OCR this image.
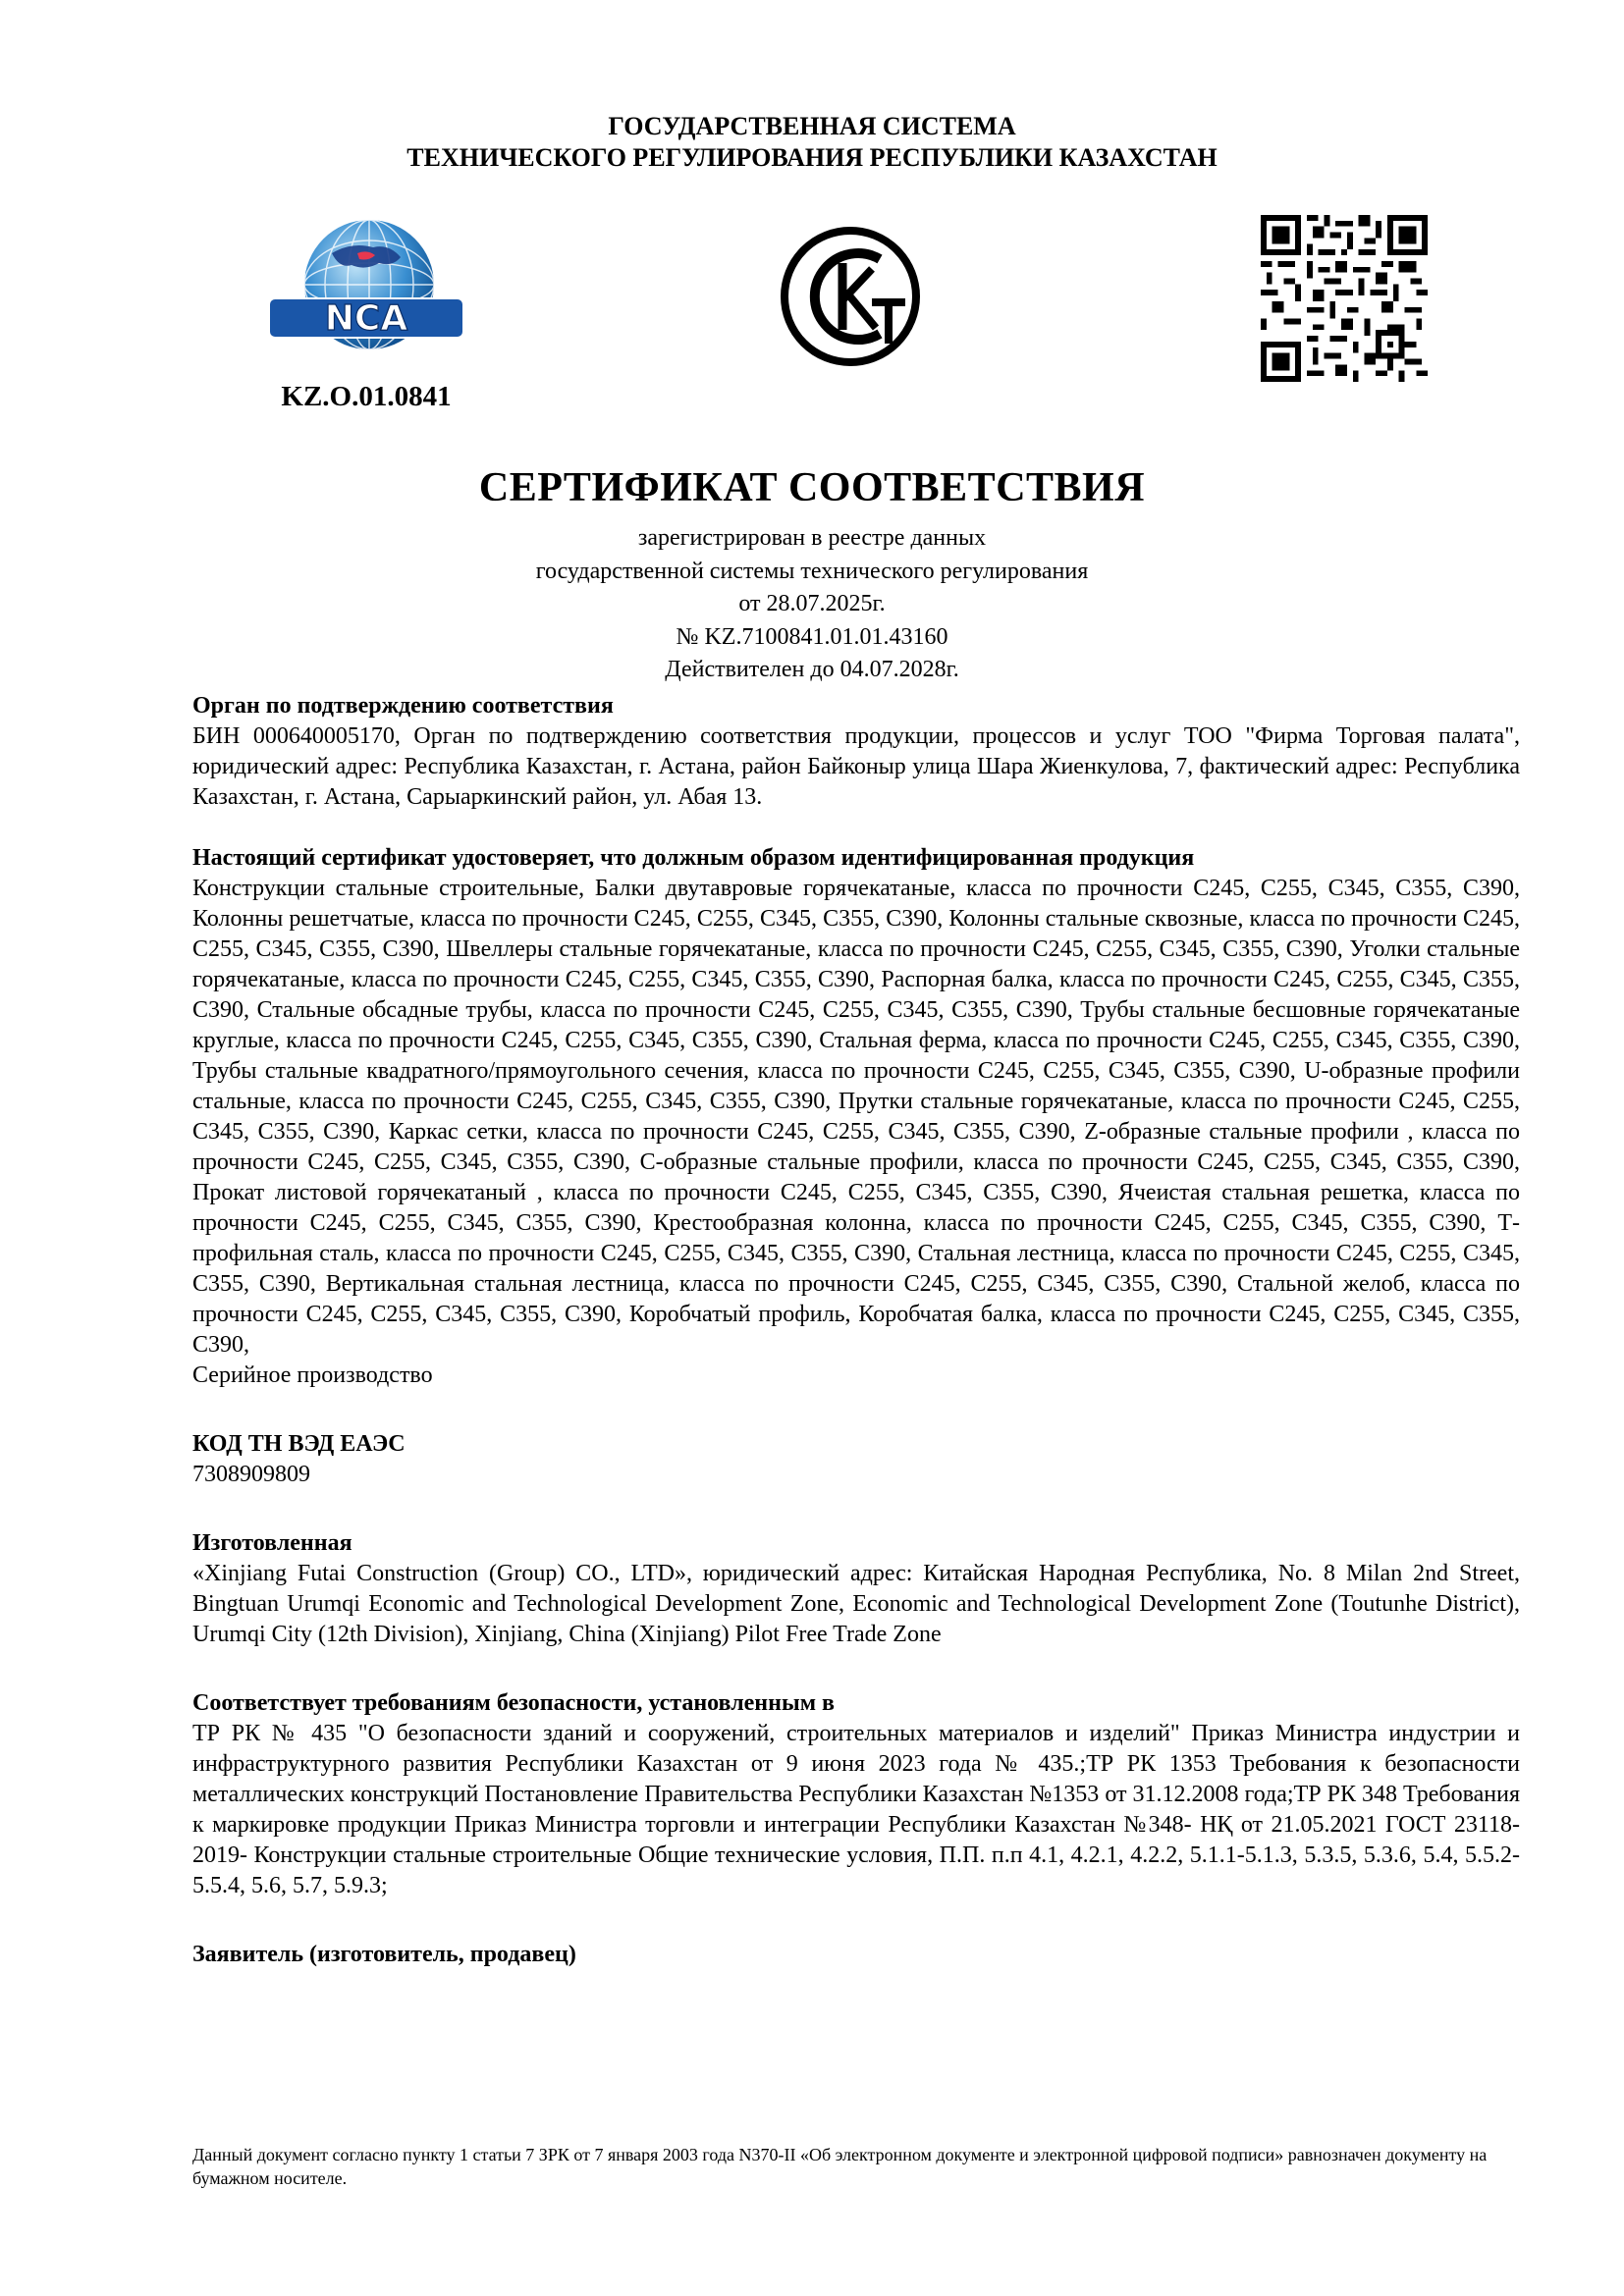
ГОСУДАРСТВЕННАЯ СИСТЕМА
ТЕХНИЧЕСКОГО РЕГУЛИРОВАНИЯ РЕСПУБЛИКИ КАЗАХСТАН
NCA
KZ.O.01.0841
СЕРТИФИКАТ СООТВЕТСТВИЯ
зарегистрирован в реестре данных
государственной системы технического регулирования
от 28.07.2025г.
№ KZ.7100841.01.01.43160
Действителен до 04.07.2028г.
Орган по подтверждению соответствия

БИН 000640005170, Орган по подтверждению соответствия продукции, процессов и услуг ТОО "Фирма Торговая палата", юридический адрес: Республика Казахстан, г. Астана, район Байконыр улица Шара Жиенкулова, 7, фактический адрес: Республика Казахстан, г. Астана, Сарыаркинский район, ул. Абая 13.

Настоящий сертификат удостоверяет, что должным образом идентифицированная продукция

Конструкции стальные строительные, Балки двутавровые горячекатаные, класса по прочности С245, С255, С345, С355, С390, Колонны решетчатые, класса по прочности С245, С255, С345, С355, С390, Колонны стальные сквозные, класса по прочности С245, С255, С345, С355, С390, Швеллеры стальные горячекатаные, класса по прочности С245, С255, С345, С355, С390, Уголки стальные горячекатаные, класса по прочности С245, С255, С345, С355, С390, Распорная балка, класса по прочности С245, С255, С345, С355, С390, Стальные обсадные трубы, класса по прочности С245, С255, С345, С355, С390, Трубы стальные бесшовные горячекатаные круглые, класса по прочности С245, С255, С345, С355, С390, Стальная ферма, класса по прочности С245, С255, С345, С355, С390, Трубы стальные квадратного/прямоугольного сечения, класса по прочности С245, С255, С345, С355, С390, U-образные профили стальные, класса по прочности С245, С255, С345, С355, С390, Прутки стальные горячекатаные, класса по прочности С245, С255, С345, С355, С390, Каркас сетки, класса по прочности С245, С255, С345, С355, С390, Z-образные стальные профили , класса по прочности С245, С255, С345, С355, С390, С-образные стальные профили, класса по прочности С245, С255, С345, С355, С390, Прокат листовой горячекатаный , класса по прочности С245, С255, С345, С355, С390, Ячеистая стальная решетка, класса по прочности С245, С255, С345, С355, С390, Крестообразная колонна, класса по прочности С245, С255, С345, С355, С390, Т-профильная сталь, класса по прочности С245, С255, С345, С355, С390, Стальная лестница, класса по прочности С245, С255, С345, С355, С390, Вертикальная стальная лестница, класса по прочности С245, С255, С345, С355, С390, Стальной желоб, класса по прочности С245, С255, С345, С355, С390, Коробчатый профиль, Коробчатая балка, класса по прочности С245, С255, С345, С355, С390,

Серийное производство

КОД ТН ВЭД ЕАЭС

7308909809

Изготовленная

«Xinjiang Futai Construction (Group) CO., LTD», юридический адрес: Китайская Народная Республика, No. 8 Milan 2nd Street, Bingtuan Urumqi Economic and Technological Development Zone, Economic and Technological Development Zone (Toutunhe District), Urumqi City (12th Division), Xinjiang, China (Xinjiang) Pilot Free Trade Zone

Соответствует требованиям безопасности, установленным в

ТР РК № 435 "О безопасности зданий и сооружений, строительных материалов и изделий" Приказ Министра индустрии и инфраструктурного развития Республики Казахстан от 9 июня 2023 года № 435.;ТР РК 1353 Требования к безопасности металлических конструкций Постановление Правительства Республики Казахстан №1353 от 31.12.2008 года;ТР РК 348 Требования к маркировке продукции Приказ Министра торговли и интеграции Республики Казахстан №348- НҚ от 21.05.2021 ГОСТ 23118-2019- Конструкции стальные строительные Общие технические условия, П.П. п.п 4.1, 4.2.1, 4.2.2, 5.1.1-5.1.3, 5.3.5, 5.3.6, 5.4, 5.5.2-5.5.4, 5.6, 5.7, 5.9.3;

Заявитель (изготовитель, продавец)
Данный документ согласно пункту 1 статьи 7 ЗРК от 7 января 2003 года N370-II «Об электронном документе и электронной цифровой подписи» равнозначен документу на бумажном носителе.
